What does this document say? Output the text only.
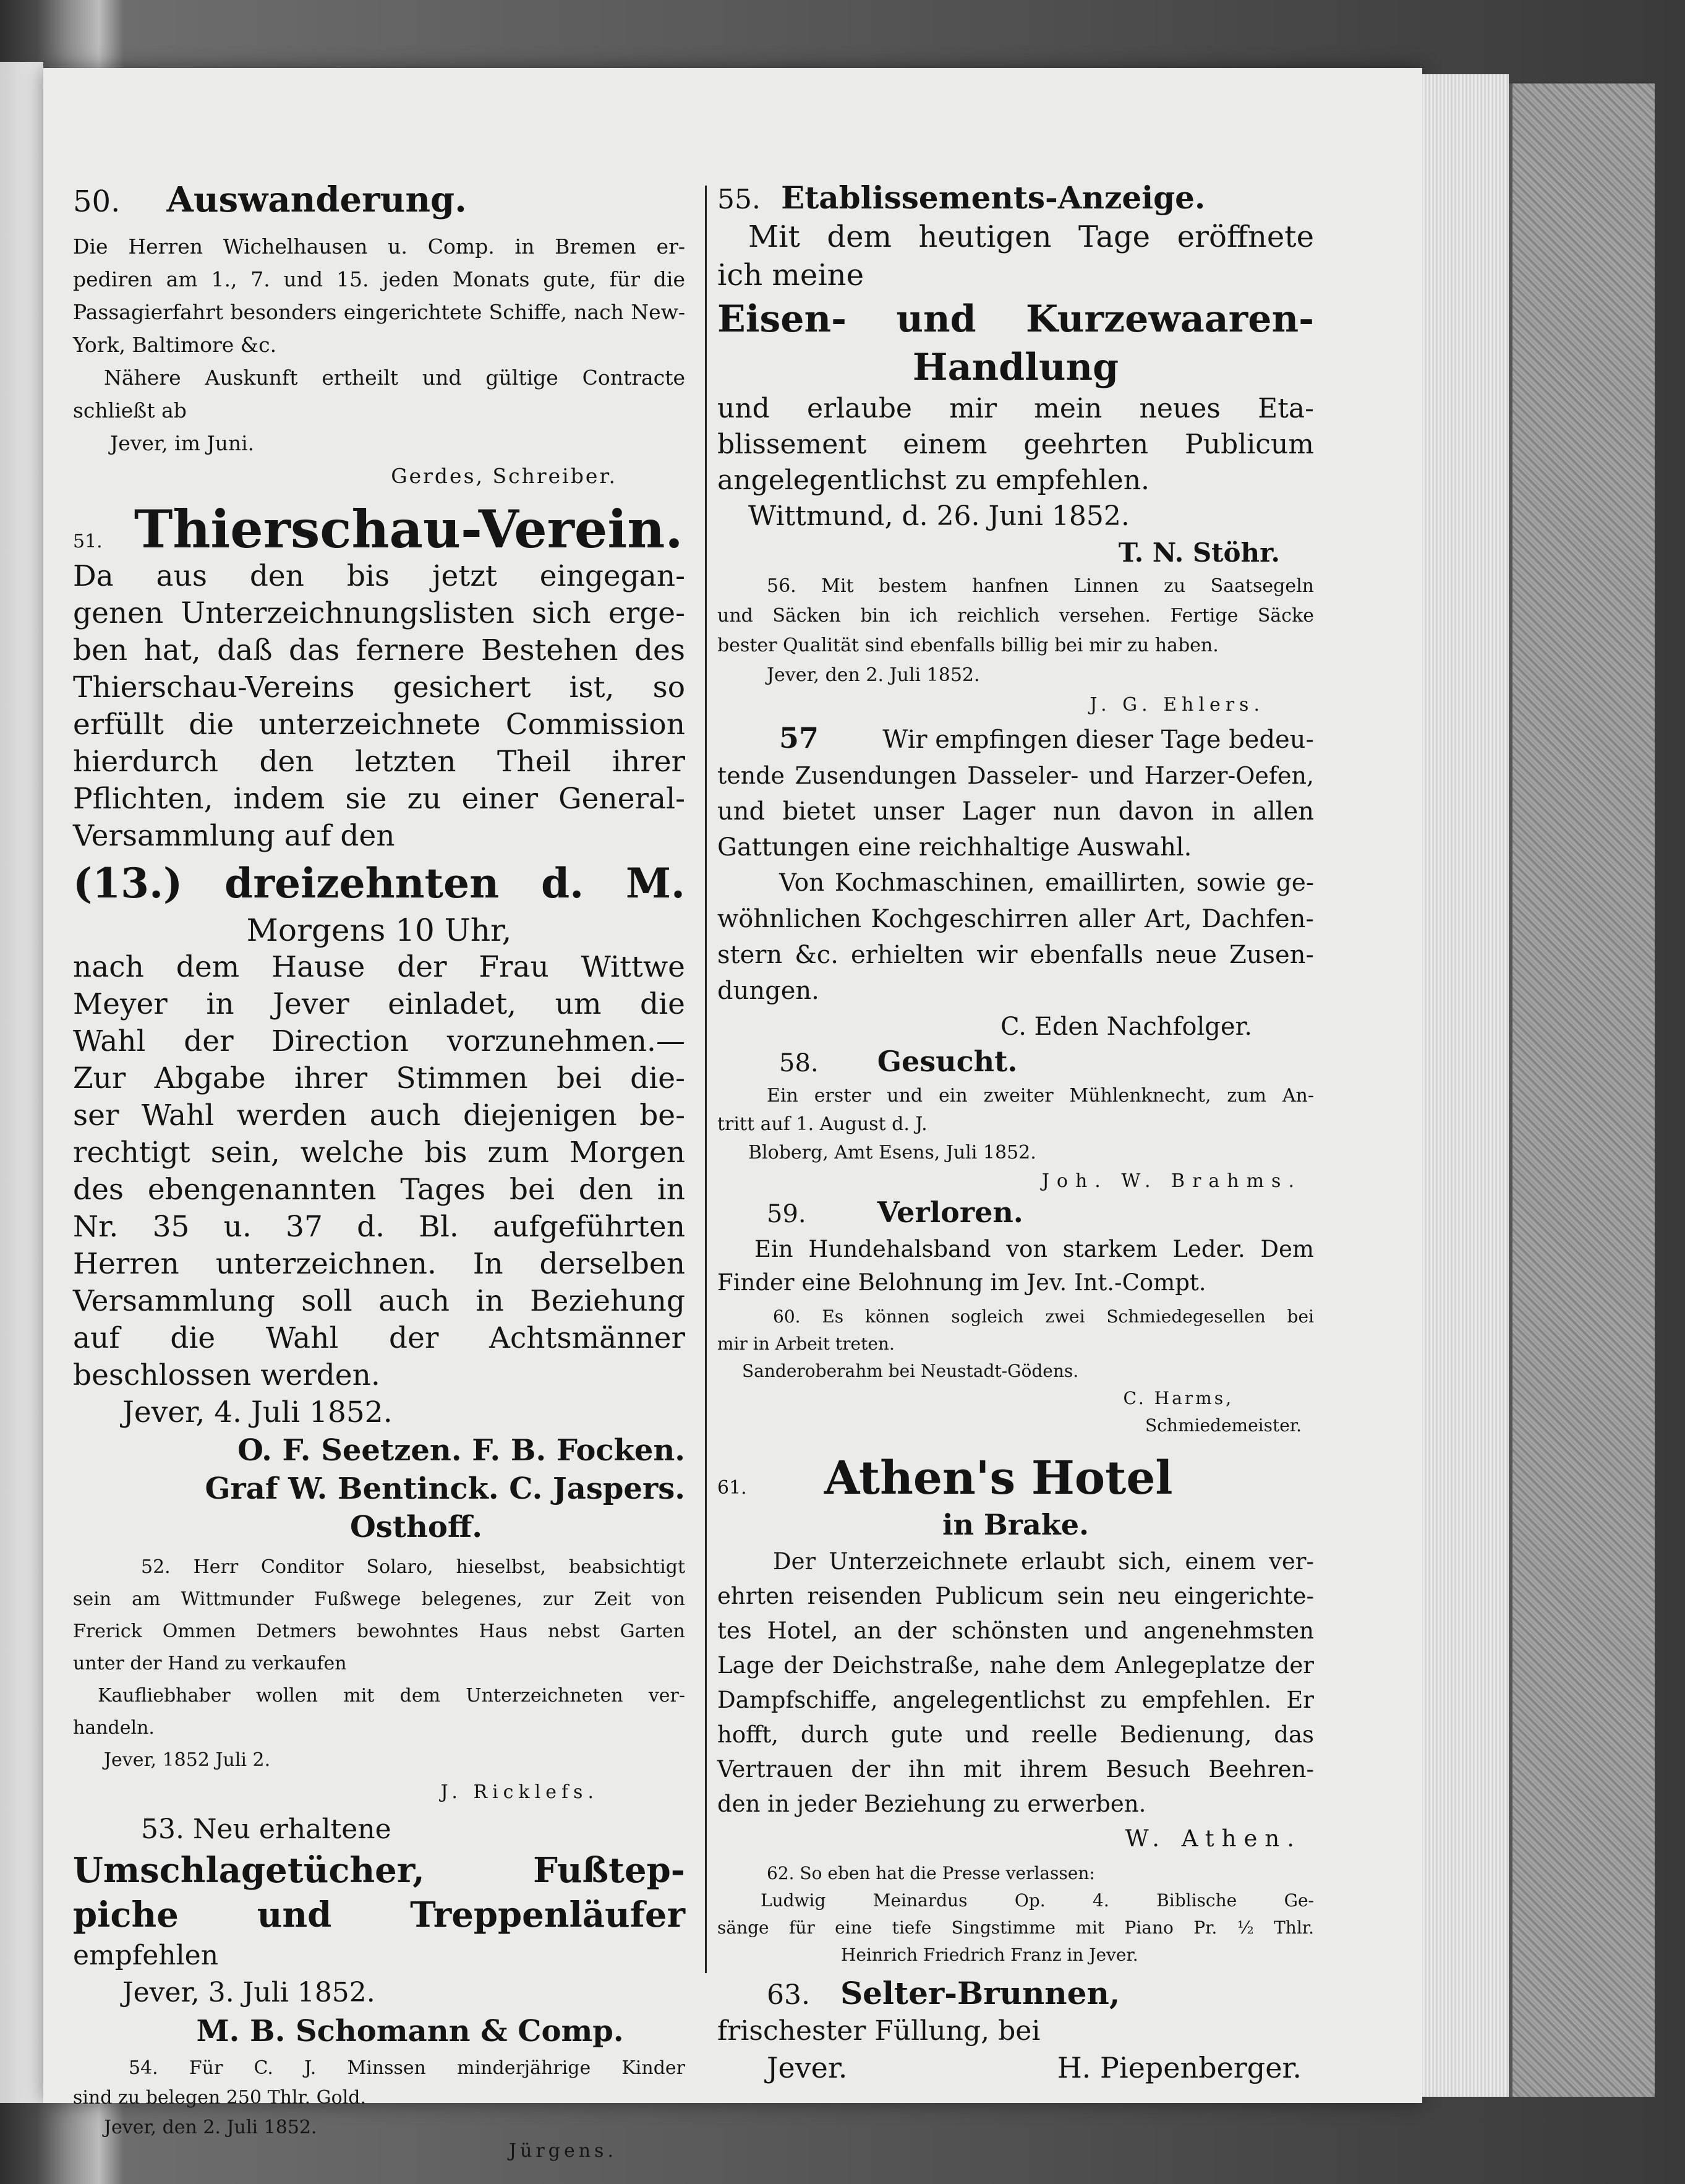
50. Auswanderung.

Die Herren Wichelhausen u. Comp. in Bremen er-

pediren am 1., 7. und 15. jeden Monats gute, für die

Passagierfahrt besonders eingerichtete Schiffe, nach New-

York, Baltimore &c.

Nähere Auskunft ertheilt und gültige Contracte

schließt ab

Jever, im Juni.

Gerdes, Schreiber.

51. Thierschau-Verein.

Da aus den bis jetzt eingegan-

genen Unterzeichnungslisten sich erge-

ben hat, daß das fernere Bestehen des

Thierschau-Vereins gesichert ist, so

erfüllt die unterzeichnete Commission

hierdurch den letzten Theil ihrer

Pflichten, indem sie zu einer General-

Versammlung auf den

(13.) dreizehnten d. M.

Morgens 10 Uhr,

nach dem Hause der Frau Wittwe

Meyer in Jever einladet, um die

Wahl der Direction vorzunehmen.—

Zur Abgabe ihrer Stimmen bei die-

ser Wahl werden auch diejenigen be-

rechtigt sein, welche bis zum Morgen

des ebengenannten Tages bei den in

Nr. 35 u. 37 d. Bl. aufgeführten

Herren unterzeichnen. In derselben

Versammlung soll auch in Beziehung

auf die Wahl der Achtsmänner

beschlossen werden.

Jever, 4. Juli 1852.

O. F. Seetzen. F. B. Focken.

Graf W. Bentinck. C. Jaspers.

Osthoff.

52. Herr Conditor Solaro, hieselbst, beabsichtigt

sein am Wittmunder Fußwege belegenes, zur Zeit von

Frerick Ommen Detmers bewohntes Haus nebst Garten

unter der Hand zu verkaufen

Kaufliebhaber wollen mit dem Unterzeichneten ver-

handeln.

Jever, 1852 Juli 2.

J. Ricklefs.

53. Neu erhaltene

Umschlagetücher, Fußtep-

piche und Treppenläufer

empfehlen

Jever, 3. Juli 1852.

M. B. Schomann & Comp.

54. Für C. J. Minssen minderjährige Kinder

sind zu belegen 250 Thlr. Gold.

Jever, den 2. Juli 1852.

Jürgens.

55. Etablissements-Anzeige.

Mit dem heutigen Tage eröffnete

ich meine

Eisen- und Kurzewaaren-

Handlung

und erlaube mir mein neues Eta-

blissement einem geehrten Publicum

angelegentlichst zu empfehlen.

Wittmund, d. 26. Juni 1852.

T. N. Stöhr.

56. Mit bestem hanfnen Linnen zu Saatsegeln

und Säcken bin ich reichlich versehen. Fertige Säcke

bester Qualität sind ebenfalls billig bei mir zu haben.

Jever, den 2. Juli 1852.

J. G. Ehlers.

57	Wir empfingen dieser Tage bedeu-

tende Zusendungen Dasseler- und Harzer-Oefen,

und bietet unser Lager nun davon in allen

Gattungen eine reichhaltige Auswahl.

Von Kochmaschinen, emaillirten, sowie ge-

wöhnlichen Kochgeschirren aller Art, Dachfen-

stern &c. erhielten wir ebenfalls neue Zusen-

dungen.

C. Eden Nachfolger.

58. Gesucht.

Ein erster und ein zweiter Mühlenknecht, zum An-

tritt auf 1. August d. J.

Bloberg, Amt Esens, Juli 1852.

Joh. W. Brahms.

59.	Verloren.

Ein Hundehalsband von starkem Leder. Dem

Finder eine Belohnung im Jev. Int.-Compt.

60. Es können sogleich zwei Schmiedegesellen bei

mir in Arbeit treten.

Sanderoberahm bei Neustadt-Gödens.

C. Harms,

Schmiedemeister.

61. Athen's Hotel

in Brake.

Der Unterzeichnete erlaubt sich, einem ver-

ehrten reisenden Publicum sein neu eingerichte-

tes Hotel, an der schönsten und angenehmsten

Lage der Deichstraße, nahe dem Anlegeplatze der

Dampfschiffe, angelegentlichst zu empfehlen. Er

hofft, durch gute und reelle Bedienung, das

Vertrauen der ihn mit ihrem Besuch Beehren-

den in jeder Beziehung zu erwerben.

W. Athen.

62. So eben hat die Presse verlassen:

Ludwig Meinardus Op. 4. Biblische Ge-

sänge für eine tiefe Singstimme mit Piano Pr. ½ Thlr.

Heinrich Friedrich Franz in Jever.

63. Selter-Brunnen,

frischester Füllung, bei

Jever.	H. Piepenberger.
